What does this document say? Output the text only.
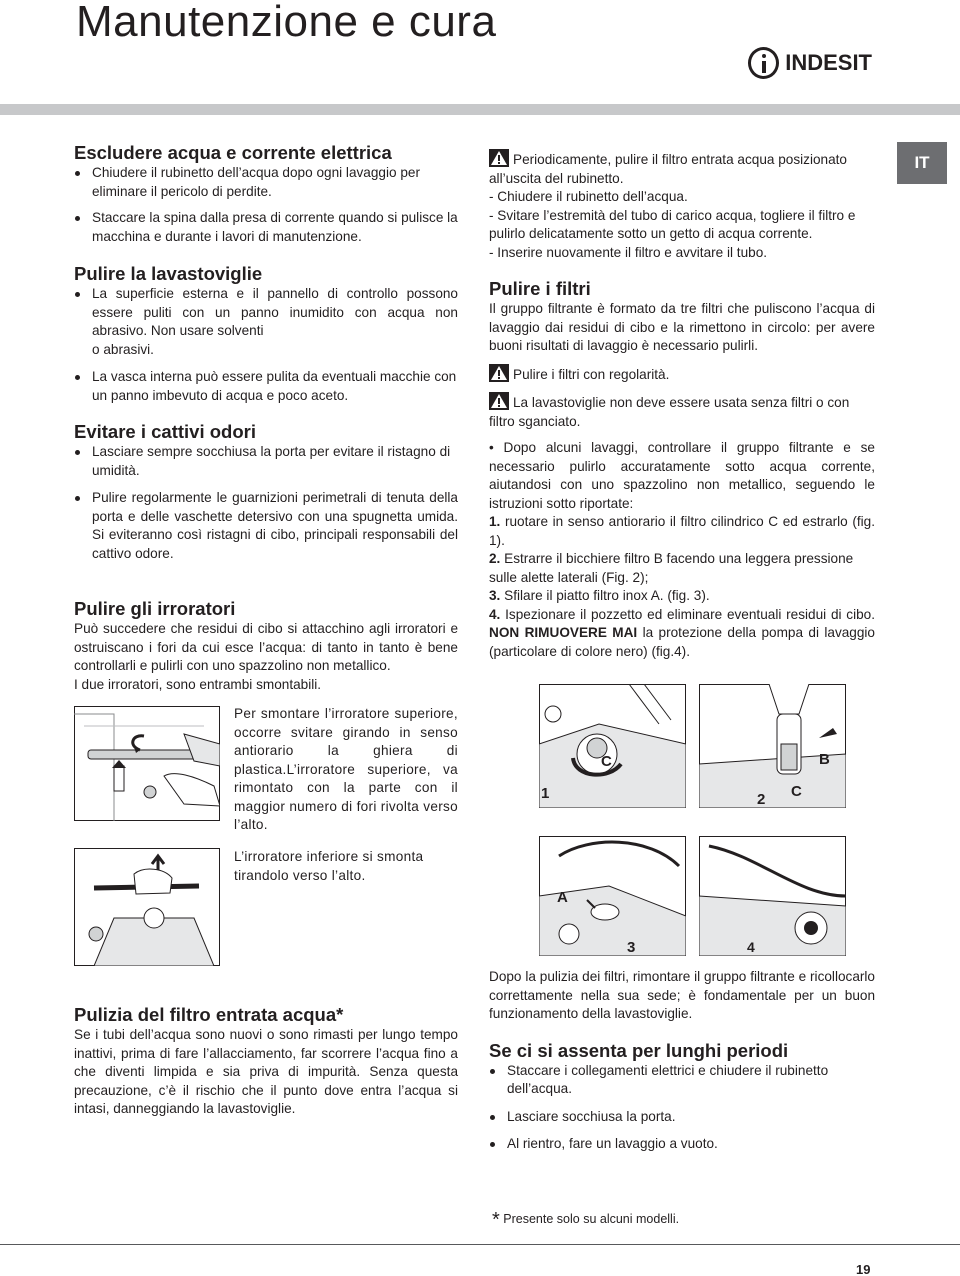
Manutenzione e cura
INDESIT
IT
Escludere acqua e corrente elettrica
Chiudere il rubinetto dell’acqua dopo ogni lavaggio per eliminare il pericolo di perdite.
Staccare la spina dalla presa di corrente quando si pulisce la macchina e durante i lavori di manutenzione.
Pulire la lavastoviglie
La superficie esterna e il pannello di controllo possono essere puliti con un panno inumidito con acqua non abrasivo. Non usare solventi
o abrasivi.
La vasca interna può essere pulita da eventuali macchie con un panno imbevuto di acqua e poco aceto.
Evitare i cattivi odori
Lasciare sempre socchiusa la porta per evitare il ristagno di umidità.
Pulire regolarmente le guarnizioni perimetrali di tenuta della porta e delle vaschette detersivo con una spugnetta umida. Si eviteranno così ristagni di cibo, principali responsabili del cattivo odore.
Pulire gli irroratori
Può succedere che residui di cibo si attacchino agli irroratori e ostruiscano i fori da cui esce l’acqua: di tanto in tanto è bene controllarli e pulirli con uno spazzolino non metallico.
I due irroratori, sono entrambi smontabili.
Per smontare l’irroratore superiore, occorre svitare girando in senso antiorario la ghiera di plastica.L’irroratore superiore, va rimontato con la parte con il maggior numero di fori rivolta verso l’alto.
L’irroratore inferiore si smonta tirandolo verso l’alto.
Pulizia del filtro entrata acqua*
Se i tubi dell’acqua sono nuovi o sono rimasti per lungo tempo inattivi, prima di fare l’allacciamento, far scorrere l’acqua fino a che diventi limpida e sia priva di impurità. Senza questa precauzione, c’è il rischio che il punto dove entra l’acqua si intasi, danneggiando la lavastoviglie.
Periodicamente, pulire il filtro entrata acqua posizionato all’uscita del rubinetto.
- Chiudere il rubinetto dell’acqua.
- Svitare l’estremità del tubo di carico acqua, togliere il filtro e pulirlo delicatamente sotto un getto di acqua corrente.
- Inserire nuovamente il filtro e avvitare il tubo.
Pulire i filtri
Il gruppo filtrante è formato da tre filtri che puliscono l’acqua di lavaggio dai residui di cibo e la rimettono in circolo: per avere buoni risultati di lavaggio è necessario pulirli.
Pulire i filtri con regolarità.
La lavastoviglie non deve essere usata senza filtri o con filtro sganciato.
• Dopo alcuni lavaggi, controllare il gruppo filtrante e se necessario pulirlo accuratamente sotto acqua corrente, aiutandosi con uno spazzolino non metallico, seguendo le istruzioni sotto riportate:
1. ruotare in senso antiorario il filtro cilindrico C ed estrarlo (fig. 1).
2. Estrarre il bicchiere filtro B facendo una leggera pressione sulle alette laterali (Fig. 2);
3. Sfilare il piatto filtro inox A. (fig. 3).
4. Ispezionare il pozzetto ed eliminare eventuali residui di cibo. NON RIMUOVERE MAI la protezione della pompa di lavaggio (particolare di colore nero) (fig.4).
1
C	B
C
2
A
3	4
Dopo la pulizia dei filtri, rimontare il gruppo filtrante e ricollocarlo correttamente nella sua sede; è fondamentale per un buon funzionamento della lavastoviglie.
Se ci si assenta per lunghi periodi
Staccare i collegamenti elettrici e chiudere il rubinetto dell’acqua.
Lasciare socchiusa la porta.
Al rientro, fare un lavaggio a vuoto.
* Presente solo su alcuni modelli.
19
